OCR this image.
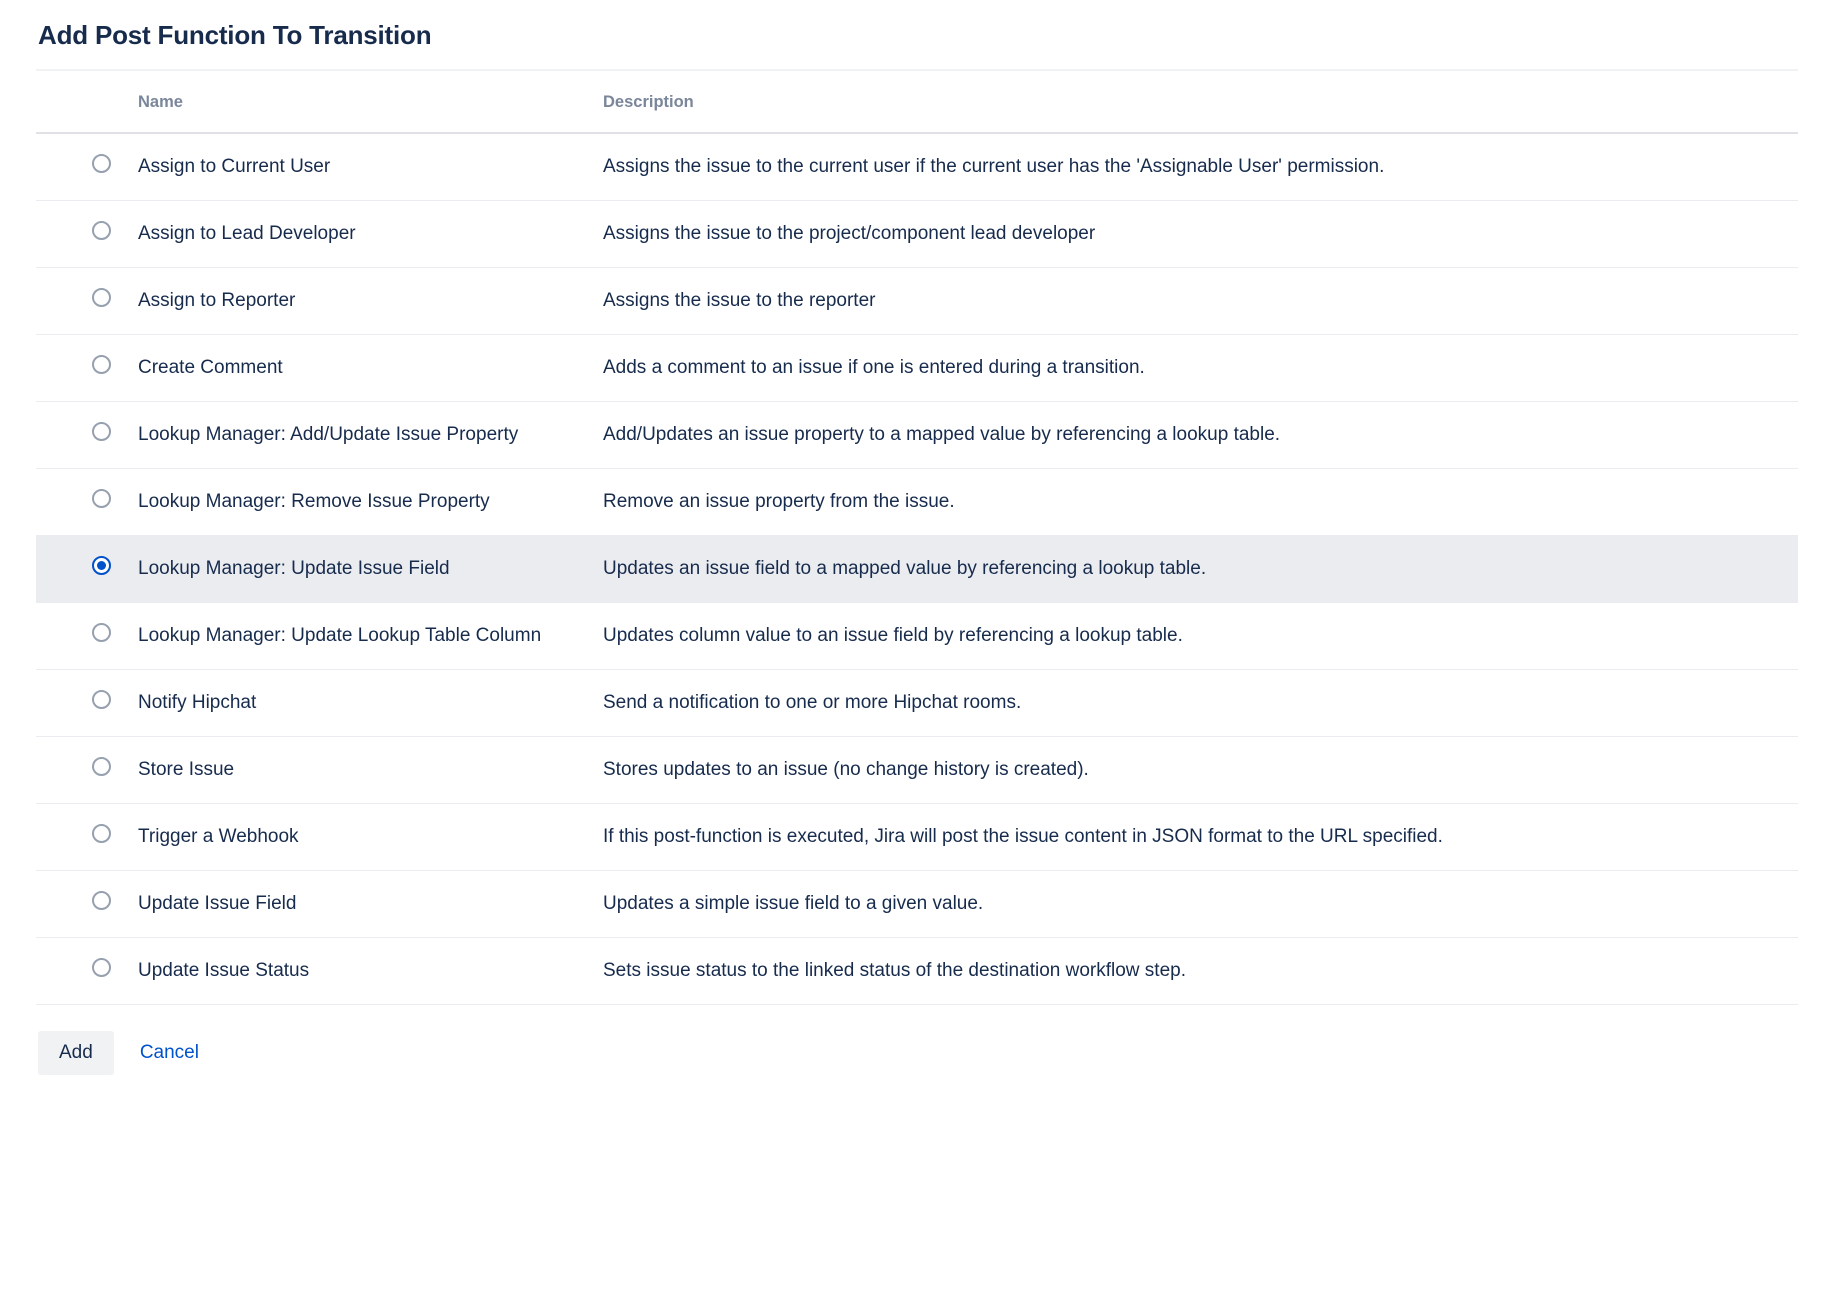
Add Post Function To Transition
	Name	Description

	Assign to Current User	Assigns the issue to the current user if the current user has the 'Assignable User' permission.

	Assign to Lead Developer	Assigns the issue to the project/component lead developer

	Assign to Reporter	Assigns the issue to the reporter

	Create Comment	Adds a comment to an issue if one is entered during a transition.

	Lookup Manager: Add/Update Issue Property	Add/Updates an issue property to a mapped value by referencing a lookup table.

	Lookup Manager: Remove Issue Property	Remove an issue property from the issue.

	Lookup Manager: Update Issue Field	Updates an issue field to a mapped value by referencing a lookup table.

	Lookup Manager: Update Lookup Table Column	Updates column value to an issue field by referencing a lookup table.

	Notify Hipchat	Send a notification to one or more Hipchat rooms.

	Store Issue	Stores updates to an issue (no change history is created).

	Trigger a Webhook	If this post-function is executed, Jira will post the issue content in JSON format to the URL specified.

	Update Issue Field	Updates a simple issue field to a given value.

	Update Issue Status	Sets issue status to the linked status of the destination workflow step.
Add	Cancel
